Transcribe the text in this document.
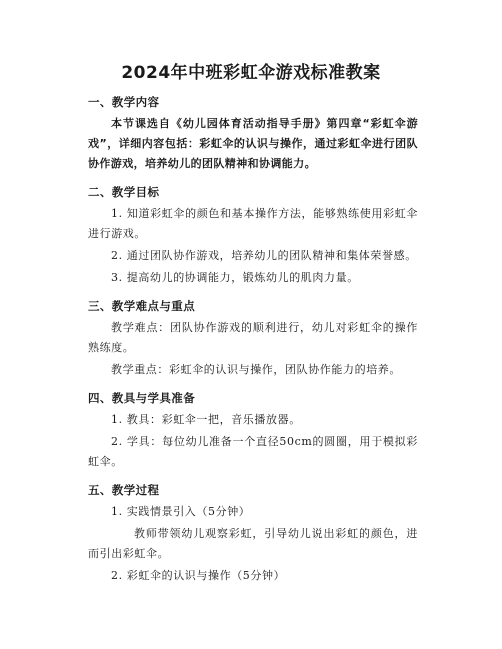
2024年中班彩虹伞游戏标准教案
一、教学内容
本节课选自《幼儿园体育活动指导手册》第四章“彩虹伞游戏”，详细内容包括：彩虹伞的认识与操作，通过彩虹伞进行团队协作游戏，培养幼儿的团队精神和协调能力。
二、教学目标
1. 知道彩虹伞的颜色和基本操作方法，能够熟练使用彩虹伞进行游戏。
2. 通过团队协作游戏，培养幼儿的团队精神和集体荣誉感。
3. 提高幼儿的协调能力，锻炼幼儿的肌肉力量。
三、教学难点与重点
教学难点：团队协作游戏的顺利进行，幼儿对彩虹伞的操作熟练度。
教学重点：彩虹伞的认识与操作，团队协作能力的培养。
四、教具与学具准备
1. 教具：彩虹伞一把，音乐播放器。
2. 学具：每位幼儿准备一个直径50cm的圆圈，用于模拟彩虹伞。
五、教学过程
1. 实践情景引入（5分钟）
教师带领幼儿观察彩虹，引导幼儿说出彩虹的颜色，进而引出彩虹伞。
2. 彩虹伞的认识与操作（5分钟）
